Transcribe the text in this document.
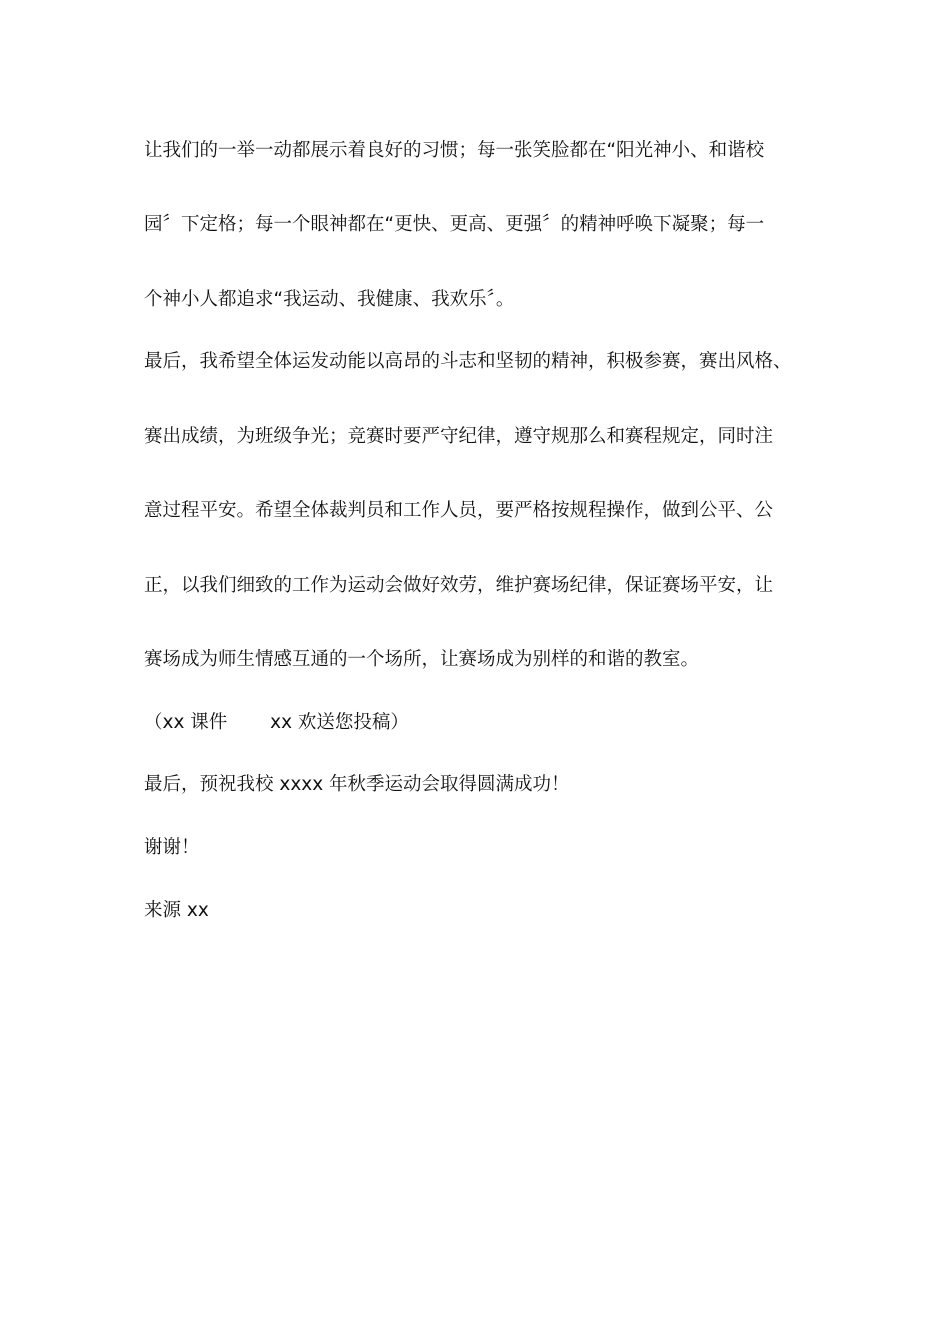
让我们的一举一动都展示着良好的习惯；每一张笑脸都在“阳光神小、和谐校
园〞下定格；每一个眼神都在“更快、更高、更强〞的精神呼唤下凝聚；每一
个神小人都追求“我运动、我健康、我欢乐〞。
最后，我希望全体运发动能以高昂的斗志和坚韧的精神，积极参赛，赛出风格、
赛出成绩，为班级争光；竞赛时要严守纪律，遵守规那么和赛程规定，同时注
意过程平安。希望全体裁判员和工作人员，要严格按规程操作，做到公平、公
正，以我们细致的工作为运动会做好效劳，维护赛场纪律，保证赛场平安，让
赛场成为师生情感互通的一个场所，让赛场成为别样的和谐的教室。
（xx 课件　　 xx 欢送您投稿）
最后，预祝我校 xxxx 年秋季运动会取得圆满成功！
谢谢！
来源 xx
